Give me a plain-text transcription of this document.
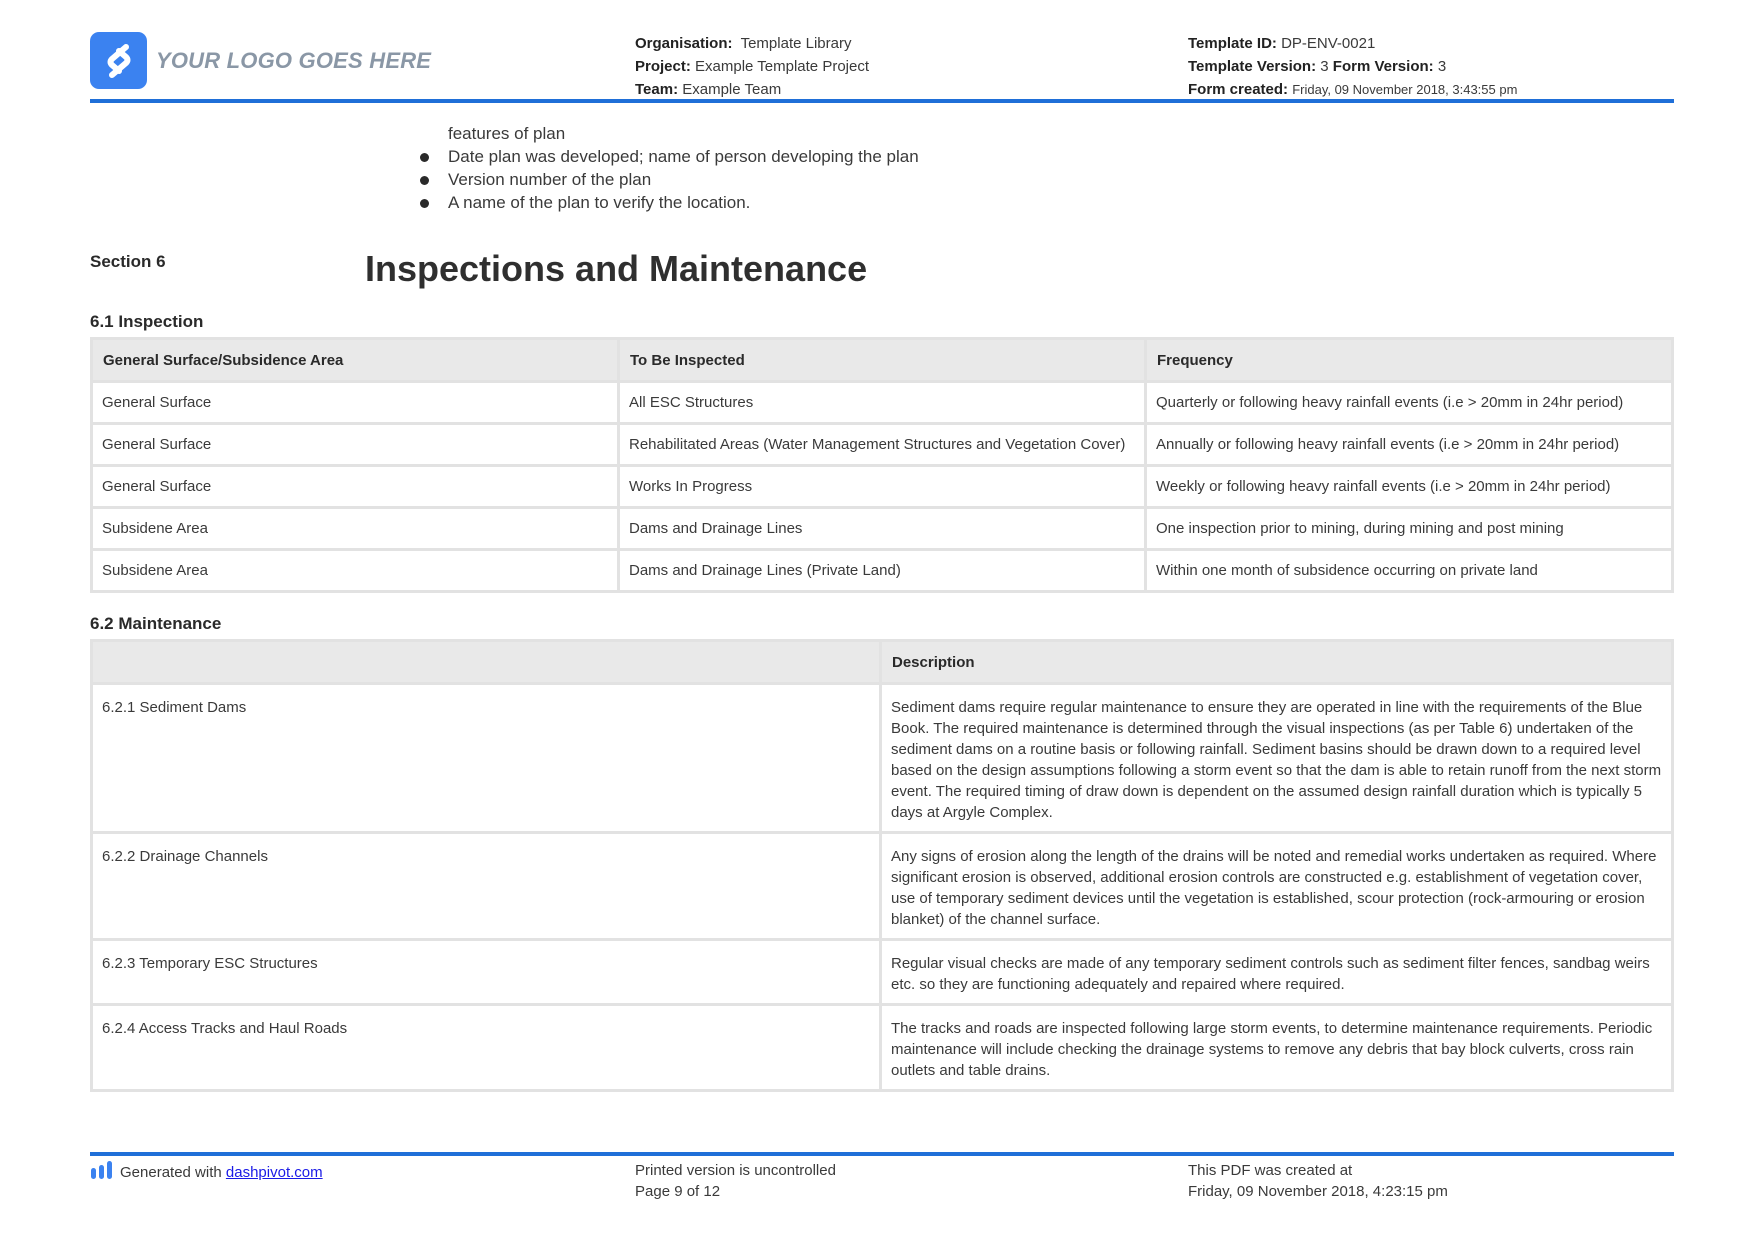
YOUR LOGO GOES HERE
Organisation: Template Library
Project: Example Template Project
Team: Example Team
Template ID: DP-ENV-0021
Template Version: 3 Form Version: 3
Form created: Friday, 09 November 2018, 3:43:55 pm
features of plan
Date plan was developed; name of person developing the plan
Version number of the plan
A name of the plan to verify the location.
Section 6	Inspections and Maintenance
6.1 Inspection
General Surface/Subsidence Area	To Be Inspected	Frequency
General Surface	All ESC Structures	Quarterly or following heavy rainfall events (i.e > 20mm in 24hr period)
General Surface	Rehabilitated Areas (Water Management Structures and Vegetation Cover)	Annually or following heavy rainfall events (i.e > 20mm in 24hr period)
General Surface	Works In Progress	Weekly or following heavy rainfall events (i.e > 20mm in 24hr period)
Subsidene Area	Dams and Drainage Lines	One inspection prior to mining, during mining and post mining
Subsidene Area	Dams and Drainage Lines (Private Land)	Within one month of subsidence occurring on private land
6.2 Maintenance
	Description
6.2.1 Sediment Dams	Sediment dams require regular maintenance to ensure they are operated in line with the requirements of the Blue Book. The required maintenance is determined through the visual inspections (as per Table 6) undertaken of the sediment dams on a routine basis or following rainfall. Sediment basins should be drawn down to a required level based on the design assumptions following a storm event so that the dam is able to retain runoff from the next storm event. The required timing of draw down is dependent on the assumed design rainfall duration which is typically 5 days at Argyle Complex.
6.2.2 Drainage Channels	Any signs of erosion along the length of the drains will be noted and remedial works undertaken as required. Where significant erosion is observed, additional erosion controls are constructed e.g. establishment of vegetation cover, use of temporary sediment devices until the vegetation is established, scour protection (rock-armouring or erosion blanket) of the channel surface.
6.2.3 Temporary ESC Structures	Regular visual checks are made of any temporary sediment controls such as sediment filter fences, sandbag weirs etc. so they are functioning adequately and repaired where required.
6.2.4 Access Tracks and Haul Roads	The tracks and roads are inspected following large storm events, to determine maintenance requirements. Periodic maintenance will include checking the drainage systems to remove any debris that bay block culverts, cross rain outlets and table drains.
Generated with dashpivot.com	Printed version is uncontrolled
Page 9 of 12
This PDF was created at
Friday, 09 November 2018, 4:23:15 pm
